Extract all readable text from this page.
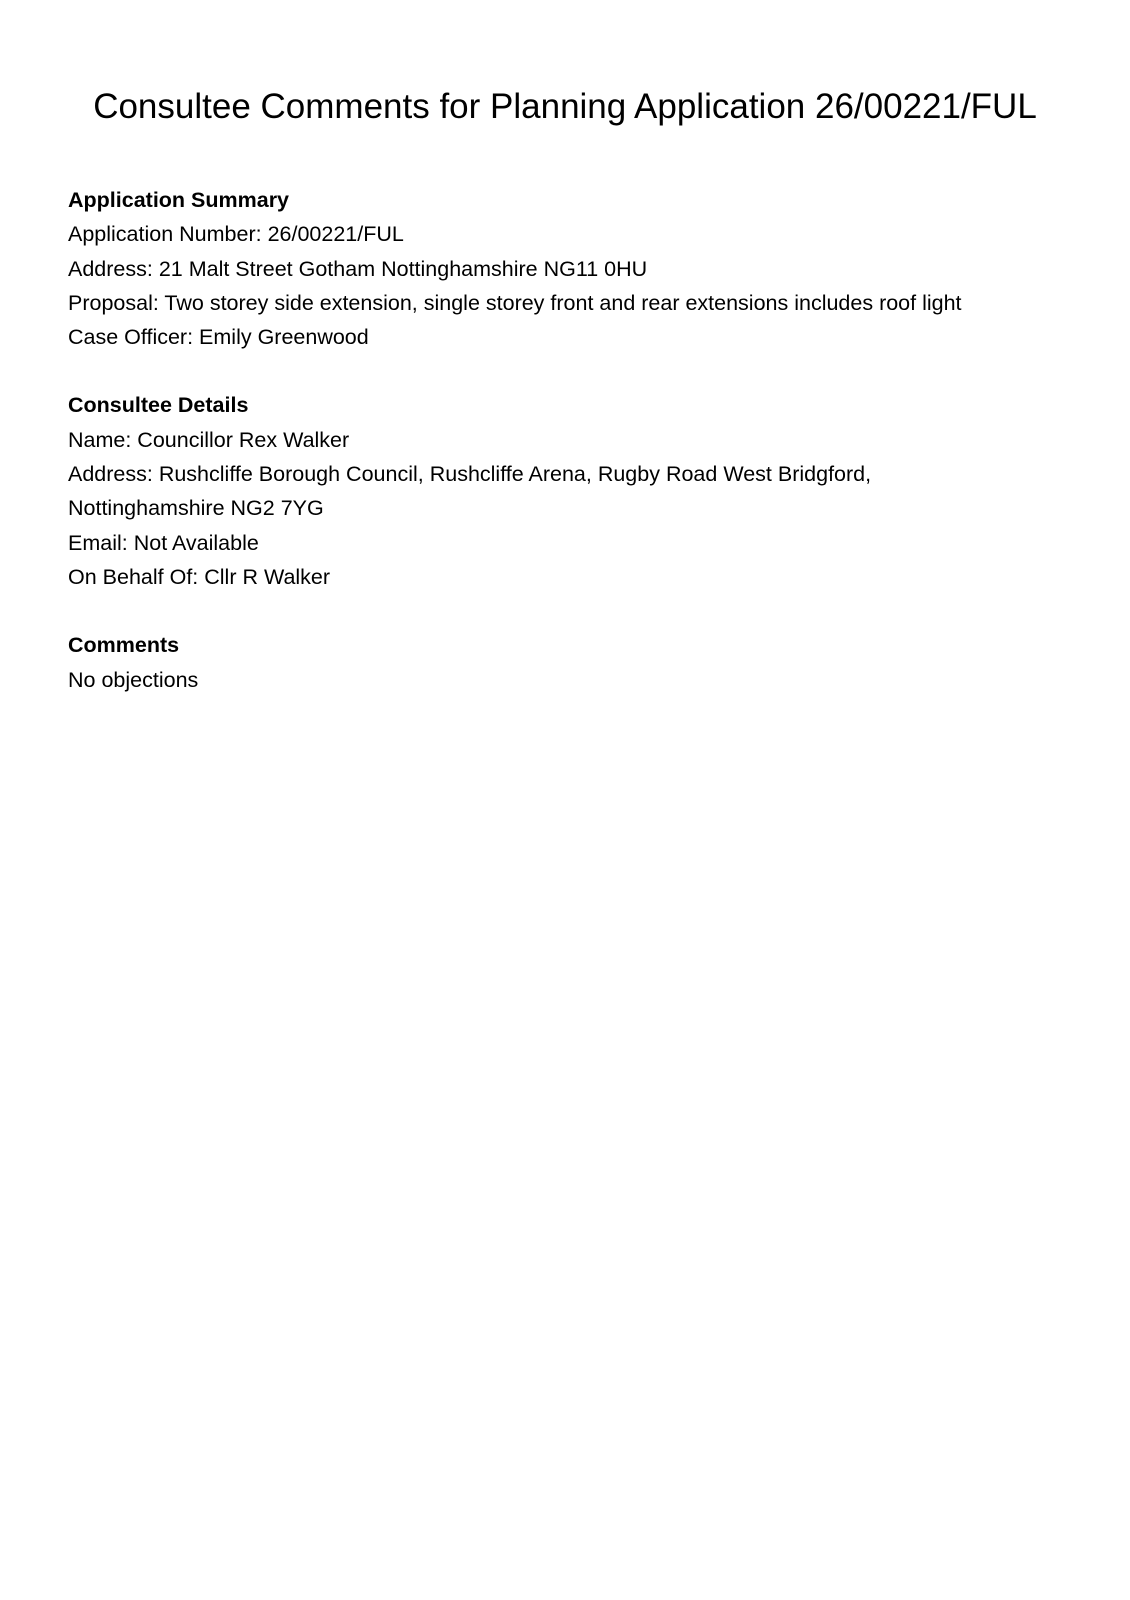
Consultee Comments for Planning Application 26/00221/FUL
Application Summary
Application Number: 26/00221/FUL
Address: 21 Malt Street Gotham Nottinghamshire NG11 0HU
Proposal: Two storey side extension, single storey front and rear extensions includes roof light
Case Officer: Emily Greenwood
Consultee Details
Name: Councillor Rex Walker
Address: Rushcliffe Borough Council, Rushcliffe Arena, Rugby Road West Bridgford,
Nottinghamshire NG2 7YG
Email: Not Available
On Behalf Of: Cllr R Walker
Comments
No objections
